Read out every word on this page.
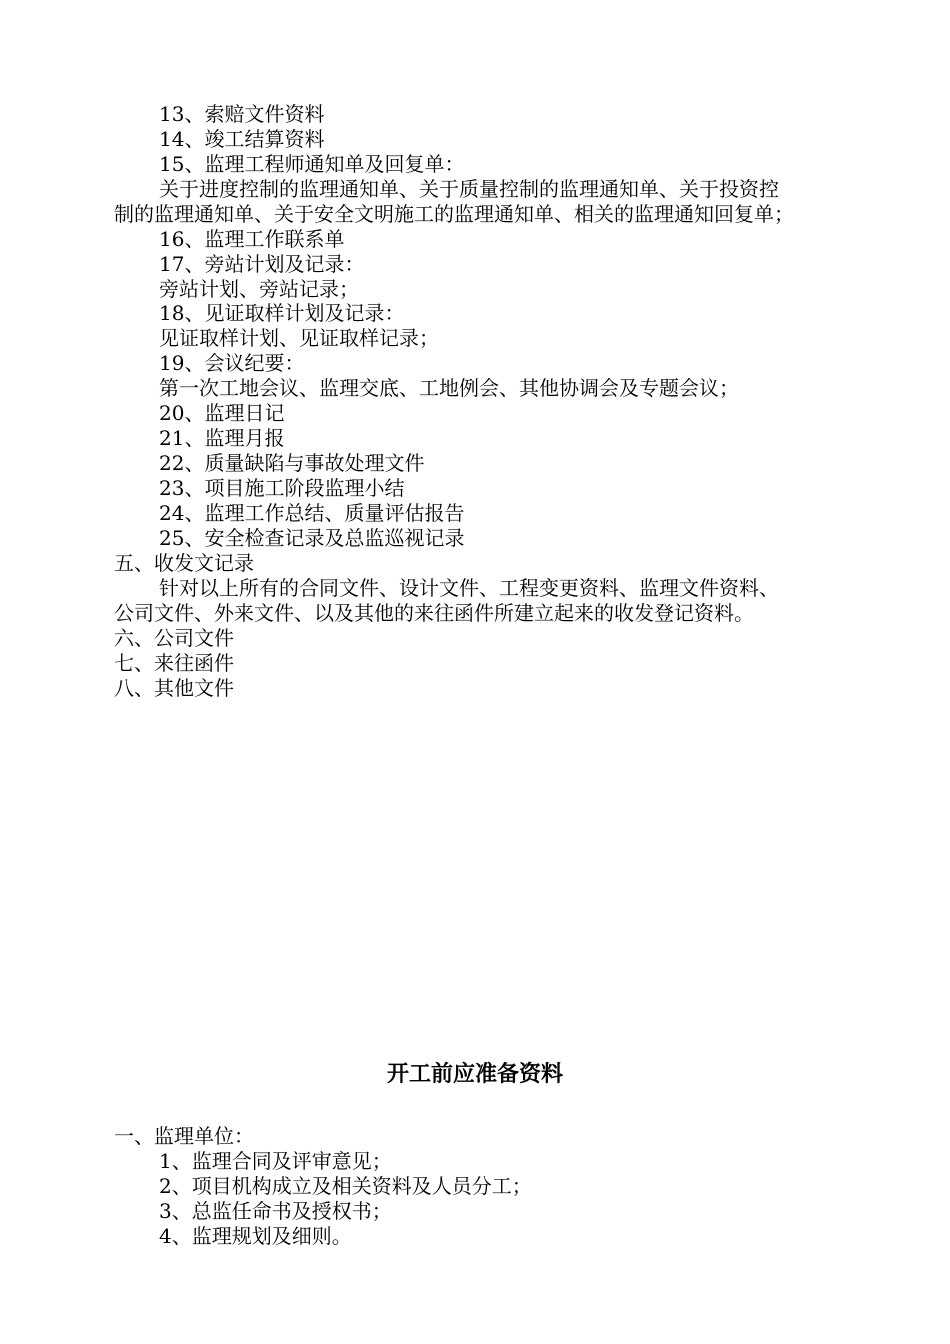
13、索赔文件资料
14、竣工结算资料
15、监理工程师通知单及回复单：
关于进度控制的监理通知单、关于质量控制的监理通知单、关于投资控
制的监理通知单、关于安全文明施工的监理通知单、相关的监理通知回复单；
16、监理工作联系单
17、旁站计划及记录：
旁站计划、旁站记录；
18、见证取样计划及记录：
见证取样计划、见证取样记录；
19、会议纪要：
第一次工地会议、监理交底、工地例会、其他协调会及专题会议；
20、监理日记
21、监理月报
22、质量缺陷与事故处理文件
23、项目施工阶段监理小结
24、监理工作总结、质量评估报告
25、安全检查记录及总监巡视记录
五、收发文记录
针对以上所有的合同文件、设计文件、工程变更资料、监理文件资料、
公司文件、外来文件、以及其他的来往函件所建立起来的收发登记资料。
六、公司文件
七、来往函件
八、其他文件
开工前应准备资料
一、监理单位：
1、监理合同及评审意见；
2、项目机构成立及相关资料及人员分工；
3、总监任命书及授权书；
4、监理规划及细则。
